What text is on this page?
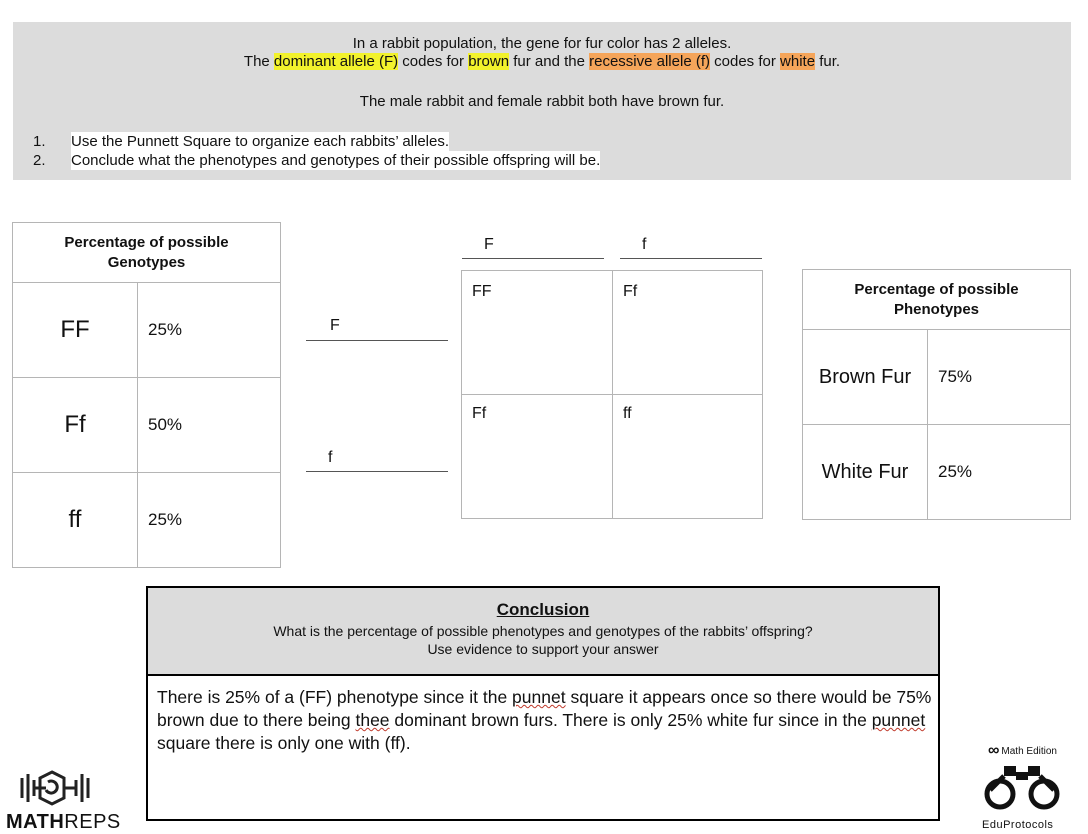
In a rabbit population, the gene for fur color has 2 alleles.
The dominant allele (F) codes for brown fur and the recessive allele (f) codes for white fur.
The male rabbit and female rabbit both have brown fur.
1. Use the Punnett Square to organize each rabbits’ alleles.
2. Conclude what the phenotypes and genotypes of their possible offspring will be.
Percentage of possible
Genotypes	

FF	25%
Ff	50%
ff	25%
F	f
F
f
FF	Ff

Ff	ff
Percentage of possible
Phenotypes	

Brown Fur	75%
White Fur	25%
Conclusion
What is the percentage of possible phenotypes and genotypes of the rabbits’ offspring?
Use evidence to support your answer
There is 25% of a (FF) phenotype since it the punnet square it appears once so there would be 75% brown due to there being thee dominant brown furs. There is only 25% white fur since in the punnet square there is only one with (ff).
MATHREPS
∞ Math Edition
EduProtocols
